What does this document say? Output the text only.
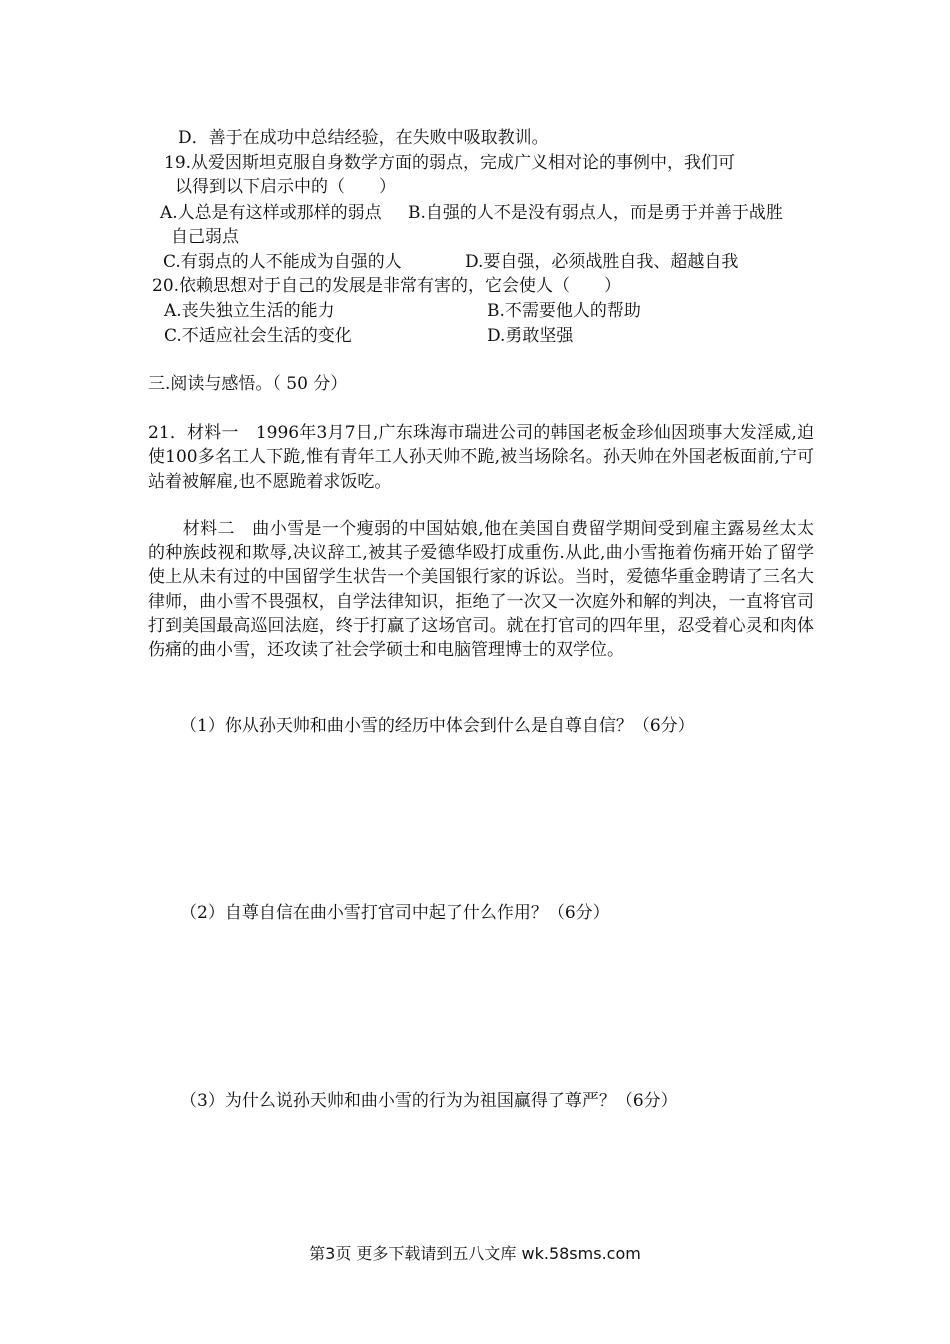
D．善于在成功中总结经验，在失败中吸取教训。
19.从爱因斯坦克服自身数学方面的弱点，完成广义相对论的事例中，我们可
以得到以下启示中的（　　）
A.人总是有这样或那样的弱点 B.自强的人不是没有弱点人，而是勇于并善于战胜
自己弱点
C.有弱点的人不能成为自强的人	D.要自强，必须战胜自我、超越自我
20.依赖思想对于自己的发展是非常有害的，它会使人（　　）
A.丧失独立生活的能力	B.不需要他人的帮助
C.不适应社会生活的变化	D.勇敢坚强
三.阅读与感悟。（ 50 分）
21．材料一　1996年3月7日,广东珠海市瑞进公司的韩国老板金珍仙因琐事大发淫威,迫使100多名工人下跪,惟有青年工人孙天帅不跪,被当场除名。孙天帅在外国老板面前,宁可站着被解雇,也不愿跪着求饭吃。
　　材料二　曲小雪是一个瘦弱的中国姑娘,他在美国自费留学期间受到雇主露易丝太太的种族歧视和欺辱,决议辞工,被其子爱德华殴打成重伤.从此,曲小雪拖着伤痛开始了留学使上从未有过的中国留学生状告一个美国银行家的诉讼。当时，爱德华重金聘请了三名大律师，曲小雪不畏强权，自学法律知识，拒绝了一次又一次庭外和解的判决，一直将官司打到美国最高巡回法庭，终于打赢了这场官司。就在打官司的四年里，忍受着心灵和肉体伤痛的曲小雪，还攻读了社会学硕士和电脑管理博士的双学位。
（1）你从孙天帅和曲小雪的经历中体会到什么是自尊自信？（6分）
（2）自尊自信在曲小雪打官司中起了什么作用？（6分）
（3）为什么说孙天帅和曲小雪的行为为祖国赢得了尊严？（6分）
第3页 更多下载请到五八文库 wk.58sms.com
